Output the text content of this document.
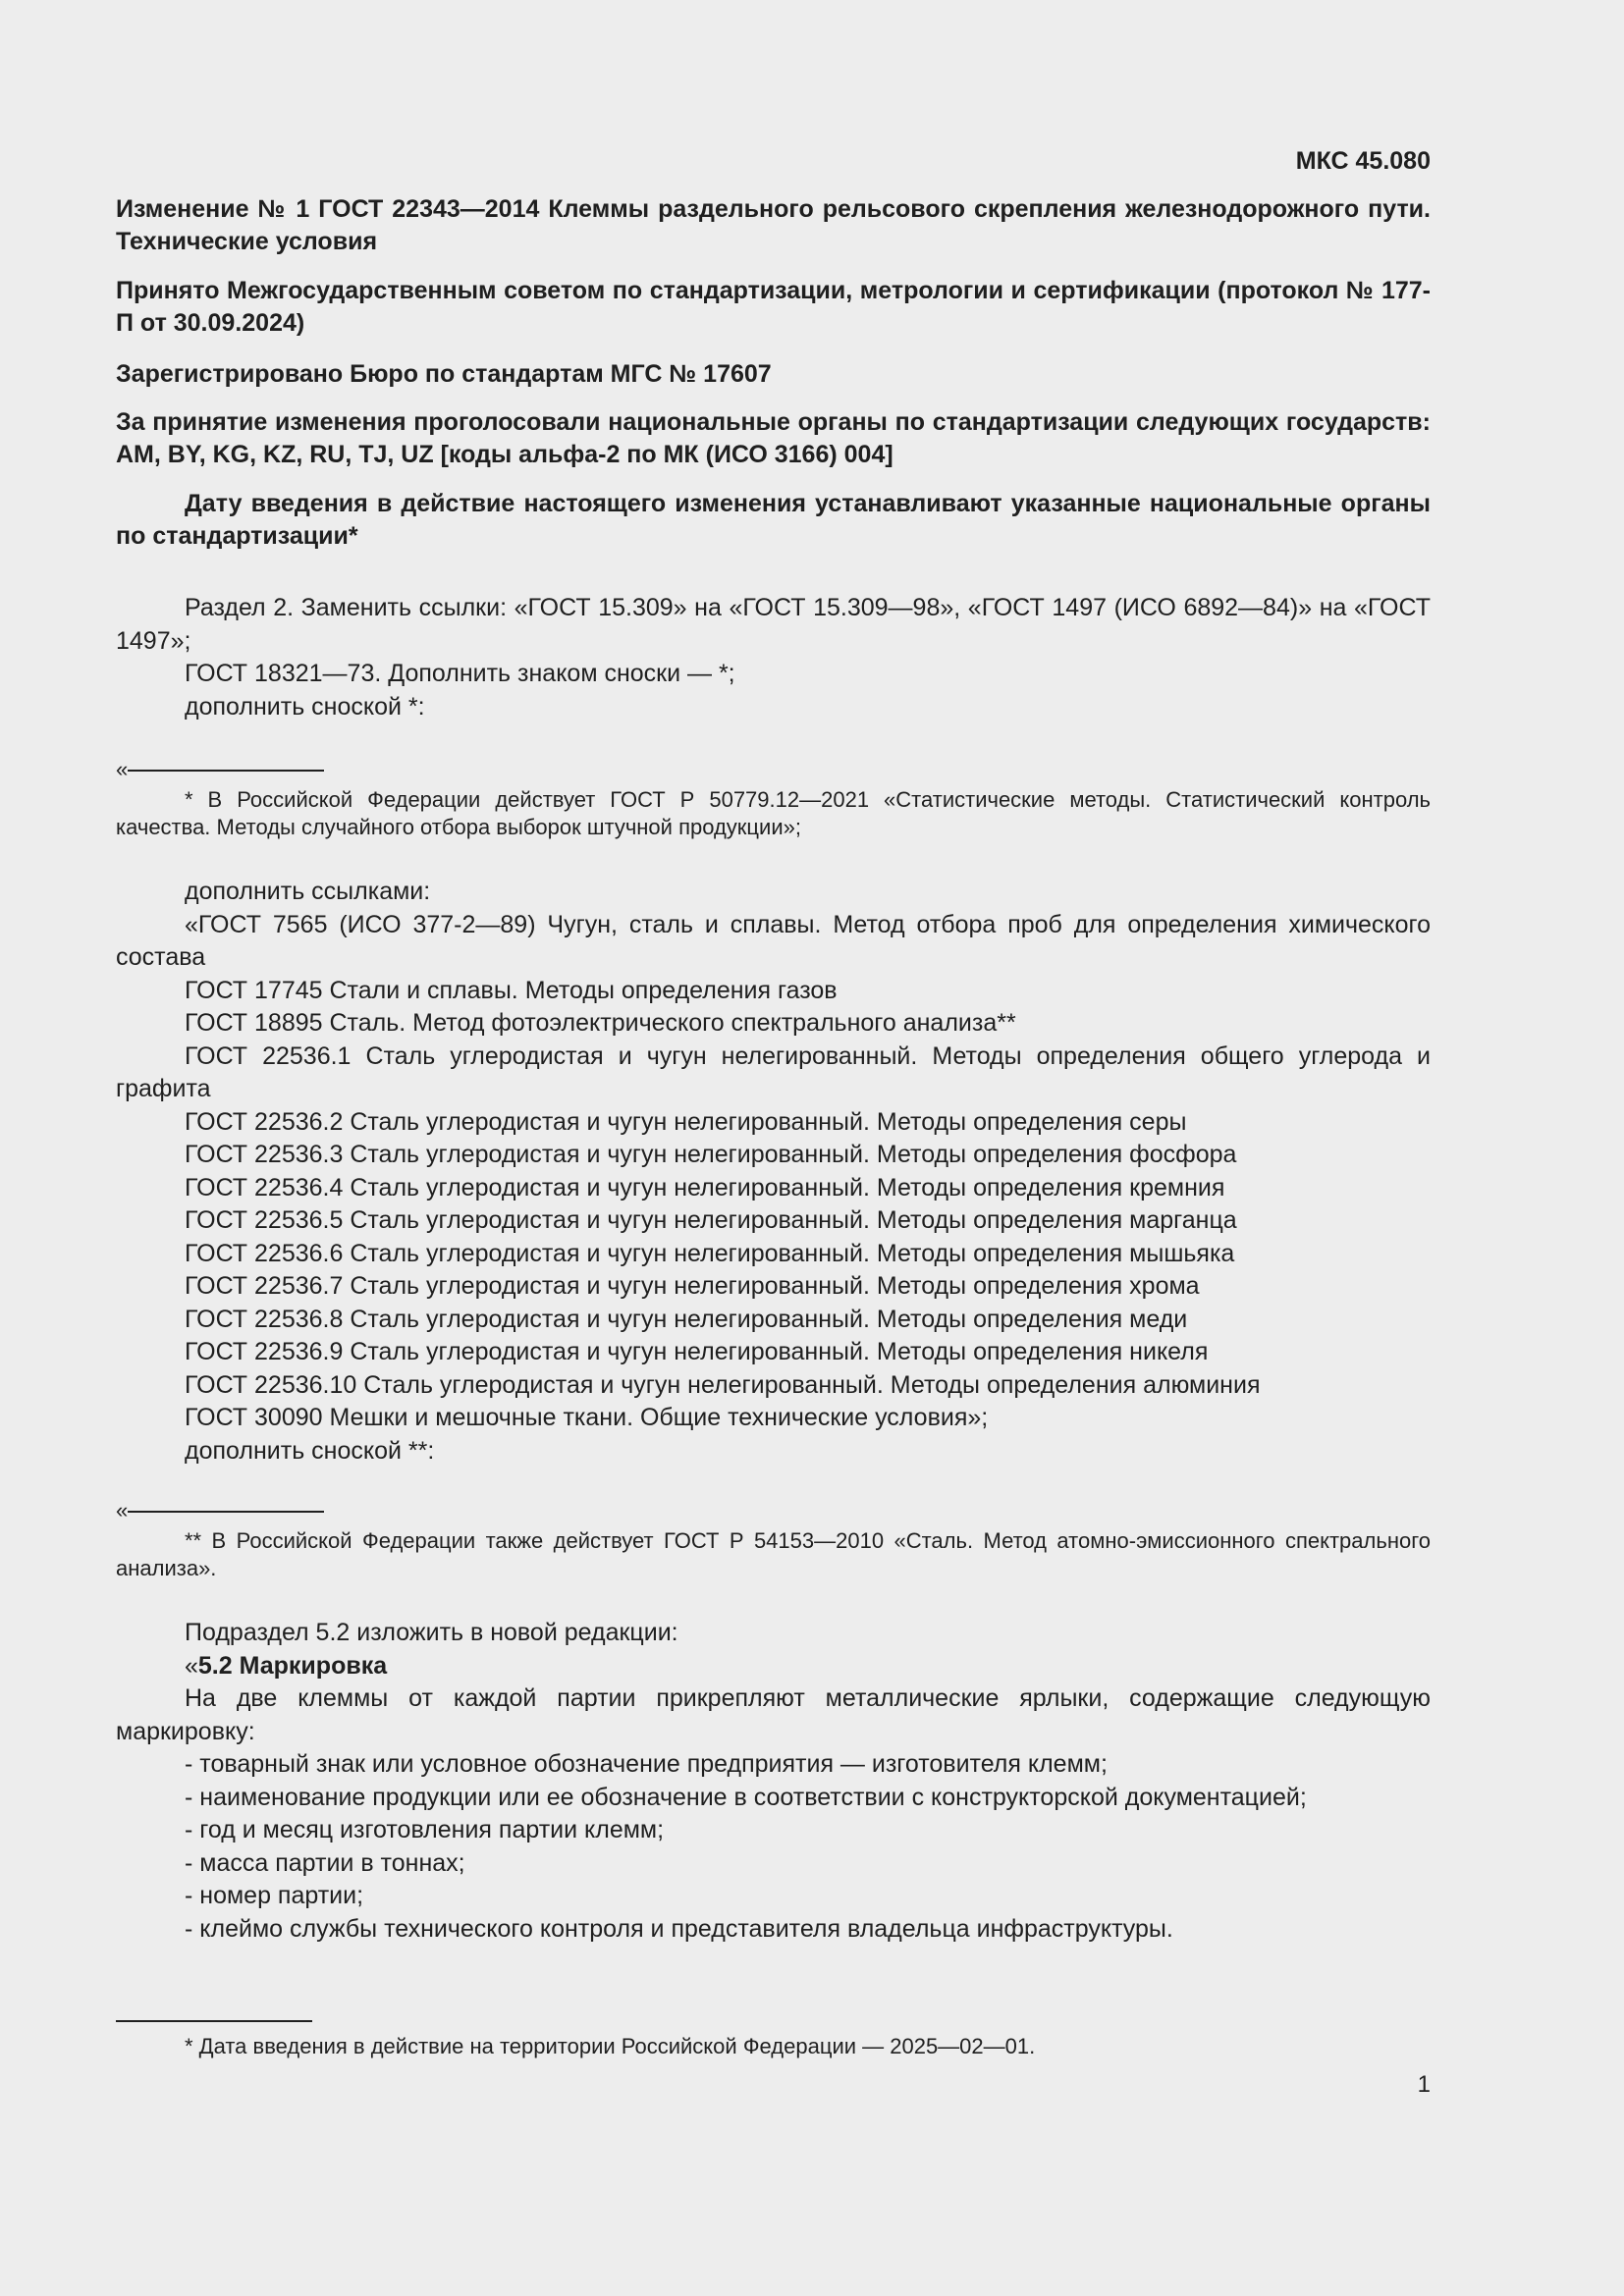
МКС 45.080
Изменение № 1 ГОСТ 22343—2014 Клеммы раздельного рельсового скрепления железнодорожного пути. Технические условия
Принято Межгосударственным советом по стандартизации, метрологии и сертификации (протокол № 177-П от 30.09.2024)
Зарегистрировано Бюро по стандартам МГС № 17607
За принятие изменения проголосовали национальные органы по стандартизации следующих государств: AM, BY, KG, KZ, RU, TJ, UZ [коды альфа-2 по МК (ИСО 3166) 004]
Дату введения в действие настоящего изменения устанавливают указанные национальные органы по стандартизации*

Раздел 2. Заменить ссылки: «ГОСТ 15.309» на «ГОСТ 15.309—98», «ГОСТ 1497 (ИСО 6892—84)» на «ГОСТ 1497»;

ГОСТ 18321—73. Дополнить знаком сноски — *;

дополнить сноской *:

«
* В Российской Федерации действует ГОСТ Р 50779.12—2021 «Статистические методы. Статистический контроль качества. Методы случайного отбора выборок штучной продукции»;

дополнить ссылками:

«ГОСТ 7565 (ИСО 377-2—89) Чугун, сталь и сплавы. Метод отбора проб для определения химического состава

ГОСТ 17745 Стали и сплавы. Методы определения газов

ГОСТ 18895 Сталь. Метод фотоэлектрического спектрального анализа**

ГОСТ 22536.1 Сталь углеродистая и чугун нелегированный. Методы определения общего углерода и графита

ГОСТ 22536.2 Сталь углеродистая и чугун нелегированный. Методы определения серы

ГОСТ 22536.3 Сталь углеродистая и чугун нелегированный. Методы определения фосфора

ГОСТ 22536.4 Сталь углеродистая и чугун нелегированный. Методы определения кремния

ГОСТ 22536.5 Сталь углеродистая и чугун нелегированный. Методы определения марганца

ГОСТ 22536.6 Сталь углеродистая и чугун нелегированный. Методы определения мышьяка

ГОСТ 22536.7 Сталь углеродистая и чугун нелегированный. Методы определения хрома

ГОСТ 22536.8 Сталь углеродистая и чугун нелегированный. Методы определения меди

ГОСТ 22536.9 Сталь углеродистая и чугун нелегированный. Методы определения никеля

ГОСТ 22536.10 Сталь углеродистая и чугун нелегированный. Методы определения алюминия

ГОСТ 30090 Мешки и мешочные ткани. Общие технические условия»;

дополнить сноской **:

«
** В Российской Федерации также действует ГОСТ Р 54153—2010 «Сталь. Метод атомно-эмиссионного спектрального анализа».

Подраздел 5.2 изложить в новой редакции:

«5.2 Маркировка

На две клеммы от каждой партии прикрепляют металлические ярлыки, содержащие следующую маркировку:

- товарный знак или условное обозначение предприятия — изготовителя клемм;

- наименование продукции или ее обозначение в соответствии с конструкторской документацией;

- год и месяц изготовления партии клемм;

- масса партии в тоннах;

- номер партии;

- клеймо службы технического контроля и представителя владельца инфраструктуры.

* Дата введения в действие на территории Российской Федерации — 2025—02—01.
1
